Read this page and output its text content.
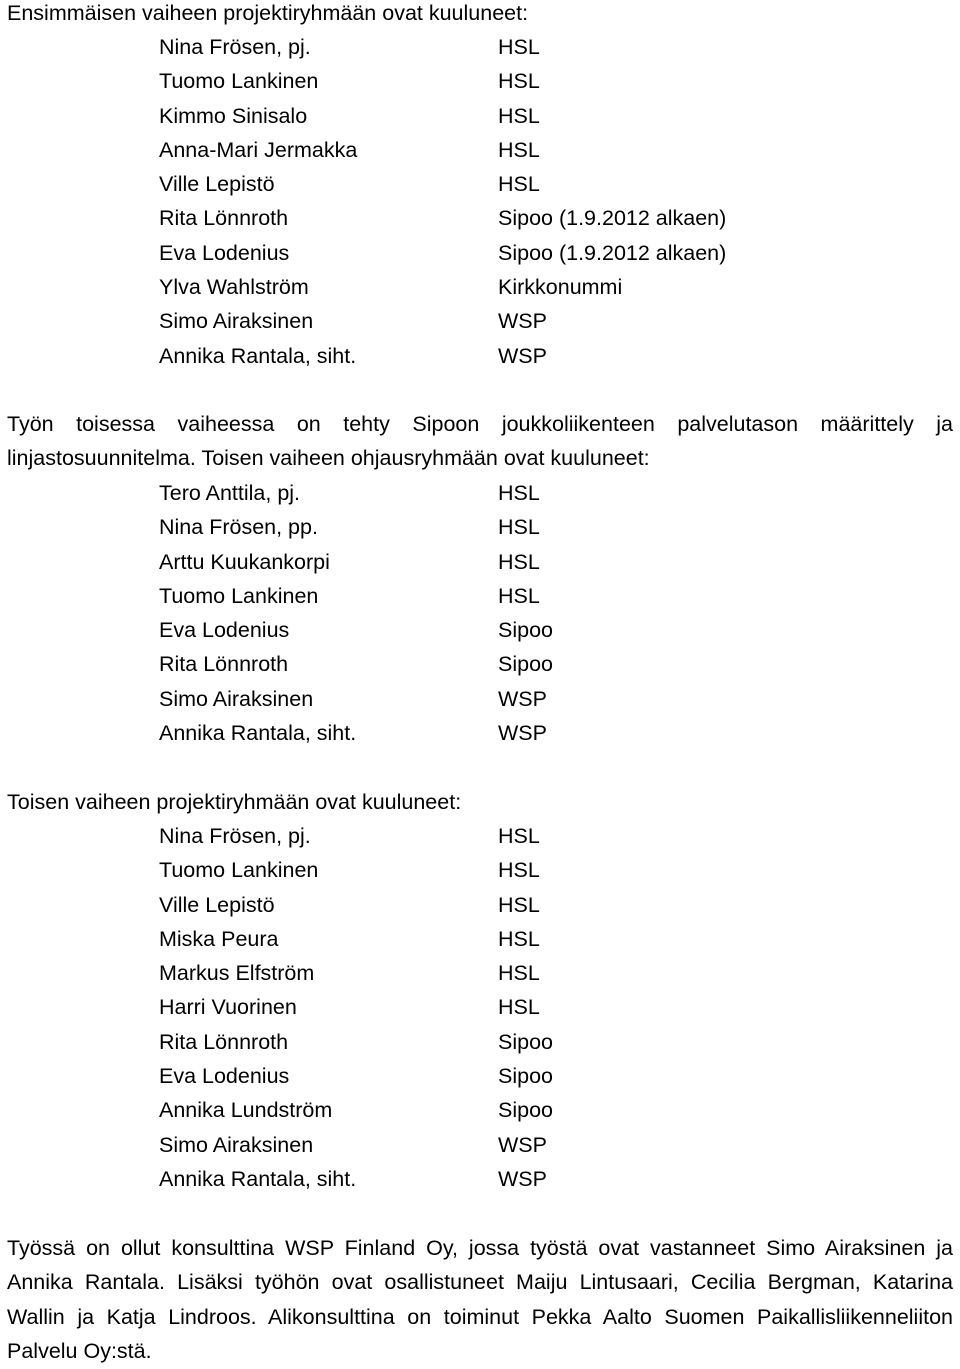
Ensimmäisen vaiheen projektiryhmään ovat kuuluneet:
Nina Frösen, pj.	HSL
Tuomo Lankinen	HSL
Kimmo Sinisalo	HSL
Anna-Mari Jermakka	HSL
Ville Lepistö	HSL
Rita Lönnroth	Sipoo (1.9.2012 alkaen)
Eva Lodenius	Sipoo (1.9.2012 alkaen)
Ylva Wahlström	Kirkkonummi
Simo Airaksinen	WSP
Annika Rantala, siht.	WSP
Työn toisessa vaiheessa on tehty Sipoon joukkoliikenteen palvelutason määrittely ja linjastosuunnitelma. Toisen vaiheen ohjausryhmään ovat kuuluneet:
Tero Anttila, pj.	HSL
Nina Frösen, pp.	HSL
Arttu Kuukankorpi	HSL
Tuomo Lankinen	HSL
Eva Lodenius	Sipoo
Rita Lönnroth	Sipoo
Simo Airaksinen	WSP
Annika Rantala, siht.	WSP
Toisen vaiheen projektiryhmään ovat kuuluneet:
Nina Frösen, pj.	HSL
Tuomo Lankinen	HSL
Ville Lepistö	HSL
Miska Peura	HSL
Markus Elfström	HSL
Harri Vuorinen	HSL
Rita Lönnroth	Sipoo
Eva Lodenius	Sipoo
Annika Lundström	Sipoo
Simo Airaksinen	WSP
Annika Rantala, siht.	WSP
Työssä on ollut konsulttina WSP Finland Oy, jossa työstä ovat vastanneet Simo Airaksinen ja Annika Rantala. Lisäksi työhön ovat osallistuneet Maiju Lintusaari, Cecilia Bergman, Katarina Wallin ja Katja Lindroos. Alikonsulttina on toiminut Pekka Aalto Suomen Paikallisliikenneliiton Palvelu Oy:stä.
